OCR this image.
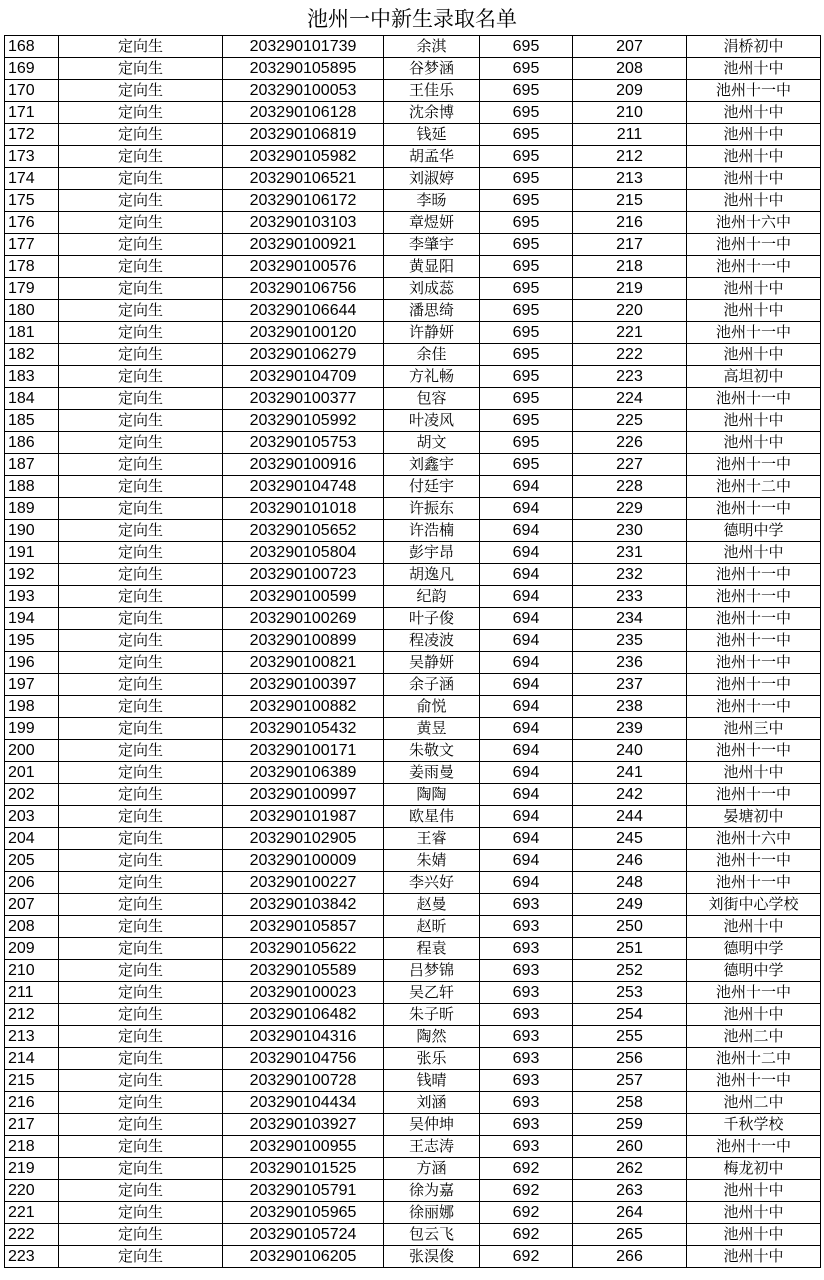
池州一中新生录取名单
168	定向生	203290101739	余淇	695	207	涓桥初中
169	定向生	203290105895	谷梦涵	695	208	池州十中
170	定向生	203290100053	王佳乐	695	209	池州十一中
171	定向生	203290106128	沈余博	695	210	池州十中
172	定向生	203290106819	钱延	695	211	池州十中
173	定向生	203290105982	胡孟华	695	212	池州十中
174	定向生	203290106521	刘淑婷	695	213	池州十中
175	定向生	203290106172	李旸	695	215	池州十中
176	定向生	203290103103	章煜妍	695	216	池州十六中
177	定向生	203290100921	李肇宇	695	217	池州十一中
178	定向生	203290100576	黄显阳	695	218	池州十一中
179	定向生	203290106756	刘成蕊	695	219	池州十中
180	定向生	203290106644	潘思绮	695	220	池州十中
181	定向生	203290100120	许静妍	695	221	池州十一中
182	定向生	203290106279	余佳	695	222	池州十中
183	定向生	203290104709	方礼畅	695	223	高坦初中
184	定向生	203290100377	包容	695	224	池州十一中
185	定向生	203290105992	叶凌风	695	225	池州十中
186	定向生	203290105753	胡文	695	226	池州十中
187	定向生	203290100916	刘鑫宇	695	227	池州十一中
188	定向生	203290104748	付廷宇	694	228	池州十二中
189	定向生	203290101018	许振东	694	229	池州十一中
190	定向生	203290105652	许浩楠	694	230	德明中学
191	定向生	203290105804	彭宇昂	694	231	池州十中
192	定向生	203290100723	胡逸凡	694	232	池州十一中
193	定向生	203290100599	纪韵	694	233	池州十一中
194	定向生	203290100269	叶子俊	694	234	池州十一中
195	定向生	203290100899	程凌波	694	235	池州十一中
196	定向生	203290100821	吴静妍	694	236	池州十一中
197	定向生	203290100397	余子涵	694	237	池州十一中
198	定向生	203290100882	俞悦	694	238	池州十一中
199	定向生	203290105432	黄昱	694	239	池州三中
200	定向生	203290100171	朱敬文	694	240	池州十一中
201	定向生	203290106389	姜雨曼	694	241	池州十中
202	定向生	203290100997	陶陶	694	242	池州十一中
203	定向生	203290101987	欧星伟	694	244	晏塘初中
204	定向生	203290102905	王睿	694	245	池州十六中
205	定向生	203290100009	朱婧	694	246	池州十一中
206	定向生	203290100227	李兴好	694	248	池州十一中
207	定向生	203290103842	赵曼	693	249	刘街中心学校
208	定向生	203290105857	赵昕	693	250	池州十中
209	定向生	203290105622	程袁	693	251	德明中学
210	定向生	203290105589	吕梦锦	693	252	德明中学
211	定向生	203290100023	吴乙轩	693	253	池州十一中
212	定向生	203290106482	朱子昕	693	254	池州十中
213	定向生	203290104316	陶然	693	255	池州二中
214	定向生	203290104756	张乐	693	256	池州十二中
215	定向生	203290100728	钱晴	693	257	池州十一中
216	定向生	203290104434	刘涵	693	258	池州二中
217	定向生	203290103927	吴仲坤	693	259	千秋学校
218	定向生	203290100955	王志涛	693	260	池州十一中
219	定向生	203290101525	方涵	692	262	梅龙初中
220	定向生	203290105791	徐为嘉	692	263	池州十中
221	定向生	203290105965	徐丽娜	692	264	池州十中
222	定向生	203290105724	包云飞	692	265	池州十中
223	定向生	203290106205	张淏俊	692	266	池州十中
